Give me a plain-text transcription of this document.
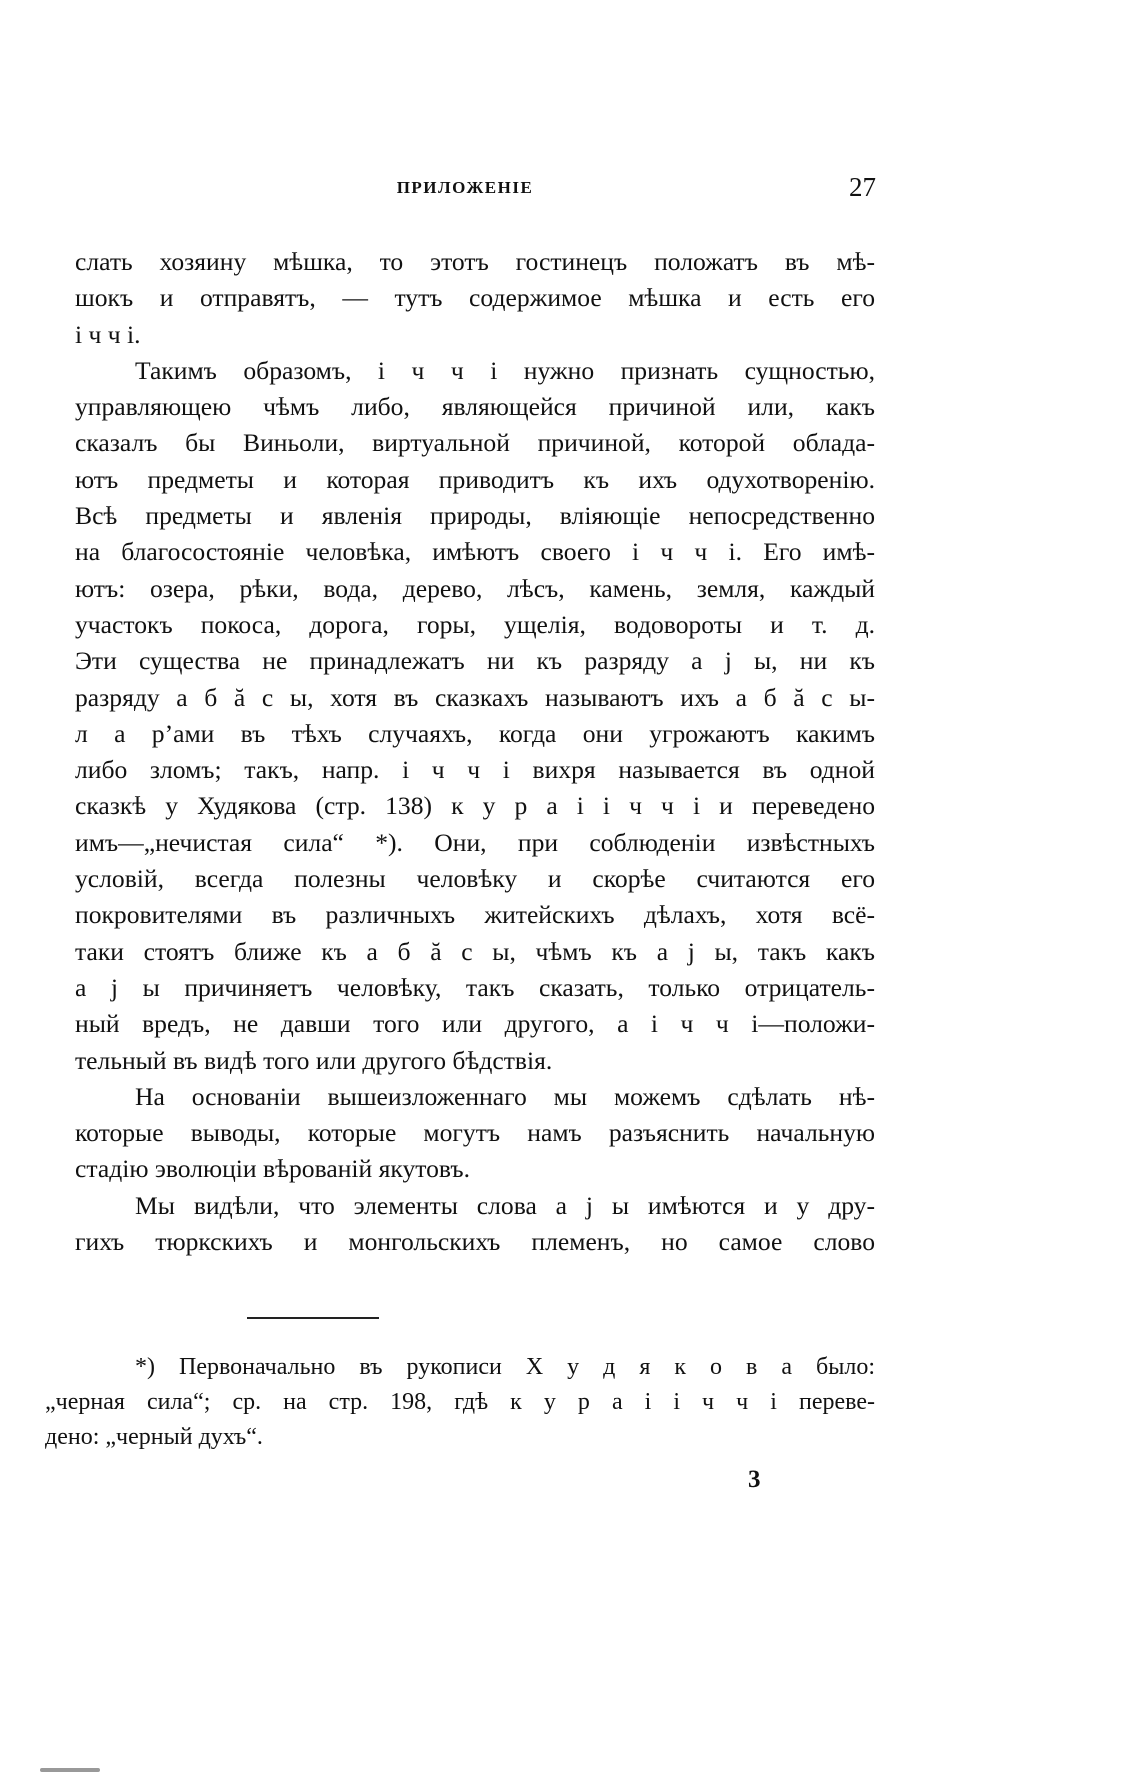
ПРИЛОЖЕНІЕ	27

слать хозяину мѣшка, то этотъ гостинецъ положатъ въ мѣ-
шокъ и отправятъ, — тутъ содержимое мѣшка и есть его
і ч ч і.

Такимъ образомъ, і ч ч і нужно признать сущностью,
управляющею чѣмъ либо, являющейся причиной или, какъ
сказалъ бы Виньоли, виртуальной причиной, которой облада-
ютъ предметы и которая приводитъ къ ихъ одухотворенію.
Всѣ предметы и явленія природы, вліяющіе непосредственно
на благосостояніе человѣка, имѣютъ своего і ч ч і. Его имѣ-
ютъ: озера, рѣки, вода, дерево, лѣсъ, камень, земля, каждый
участокъ покоса, дорога, горы, ущелія, водовороты и т. д.
Эти существа не принадлежатъ ни къ разряду а ј ы, ни къ
разряду а б ă с ы, хотя въ сказкахъ называютъ ихъ а б ă с ы-
л а р’ами въ тѣхъ случаяхъ, когда они угрожаютъ какимъ
либо зломъ; такъ, напр. і ч ч і вихря называется въ одной
сказкѣ у Худякова (стр. 138) к у р а і і ч ч і и переведено
имъ—„нечистая сила“ *). Они, при соблюденіи извѣстныхъ
условій, всегда полезны человѣку и скорѣе считаются его
покровителями въ различныхъ житейскихъ дѣлахъ, хотя всё-
таки стоятъ ближе къ а б ă с ы, чѣмъ къ а ј ы, такъ какъ
а ј ы причиняетъ человѣку, такъ сказать, только отрицатель-
ный вредъ, не давши того или другого, а і ч ч і—положи-
тельный въ видѣ того или другого бѣдствія.

На основаніи вышеизложеннаго мы можемъ сдѣлать нѣ-
которые выводы, которые могутъ намъ разъяснить начальную
стадію эволюціи вѣрованій якутовъ.

Мы видѣли, что элементы слова а ј ы имѣются и у дру-
гихъ тюркскихъ и монгольскихъ племенъ, но самое слово

*) Первоначально въ рукописи Х у д я к о в а было:
„черная сила“; ср. на стр. 198, гдѣ к у р а і і ч ч і переве-
дено: „черный духъ“.
3
